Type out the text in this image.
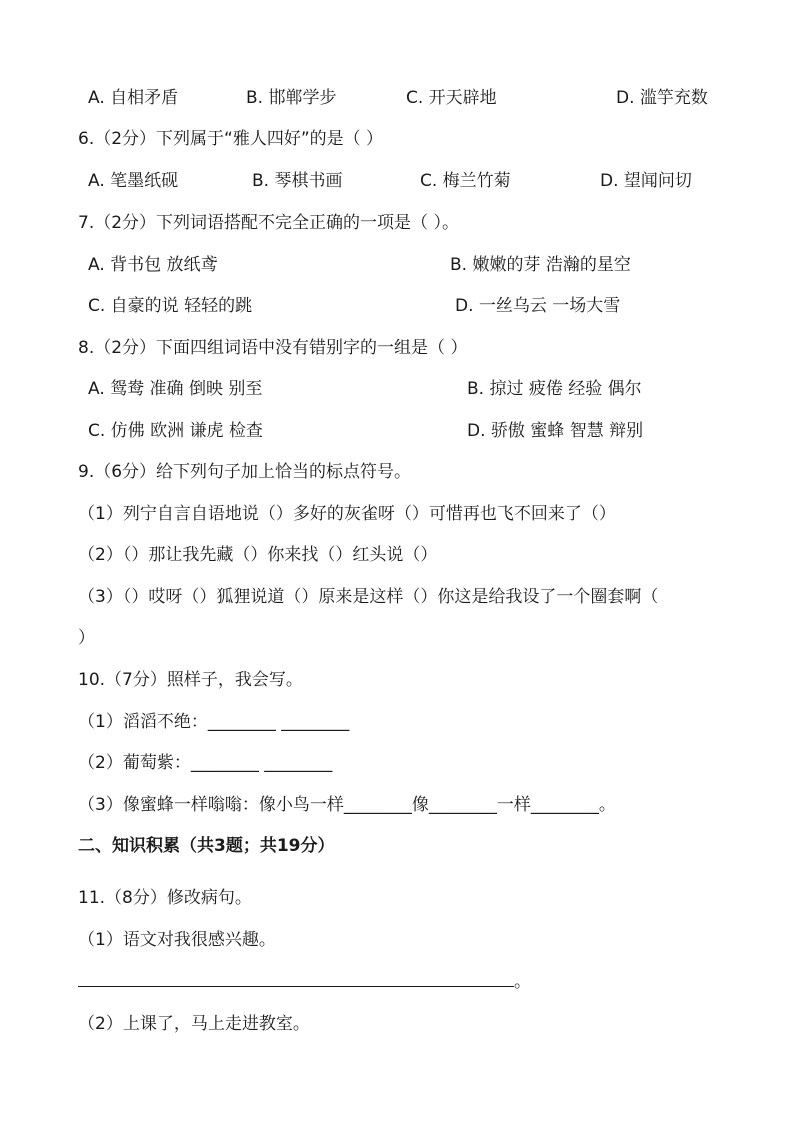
A. 自相矛盾	B. 邯郸学步	C. 开天辟地	D. 滥竽充数
6.（2分）下列属于“雅人四好”的是（ ）
A. 笔墨纸砚	B. 琴棋书画	C. 梅兰竹菊	D. 望闻问切
7.（2分）下列词语搭配不完全正确的一项是（ ）。
A. 背书包 放纸鸢	B. 嫩嫩的芽 浩瀚的星空
C. 自豪的说 轻轻的跳	D. 一丝乌云 一场大雪
8.（2分）下面四组词语中没有错别字的一组是（ ）
A. 鸳鸯 准确 倒映 别至	B. 掠过 疲倦 经验 偶尔
C. 仿佛 欧洲 谦虎 检查	D. 骄傲 蜜蜂 智慧 辩别
9.（6分）给下列句子加上恰当的标点符号。
（1）列宁自言自语地说（）多好的灰雀呀（）可惜再也飞不回来了（）
（2）（）那让我先藏（）你来找（）红头说（）
（3）（）哎呀（）狐狸说道（）原来是这样（）你这是给我设了一个圈套啊（
）
10.（7分）照样子，我会写。
（1）滔滔不绝：________ ________
（2）葡萄紫：________ ________
（3）像蜜蜂一样嗡嗡：像小鸟一样________像________一样________。
二、知识积累（共3题；共19分）
11.（8分）修改病句。
（1）语文对我很感兴趣。
。
（2）上课了，马上走进教室。
